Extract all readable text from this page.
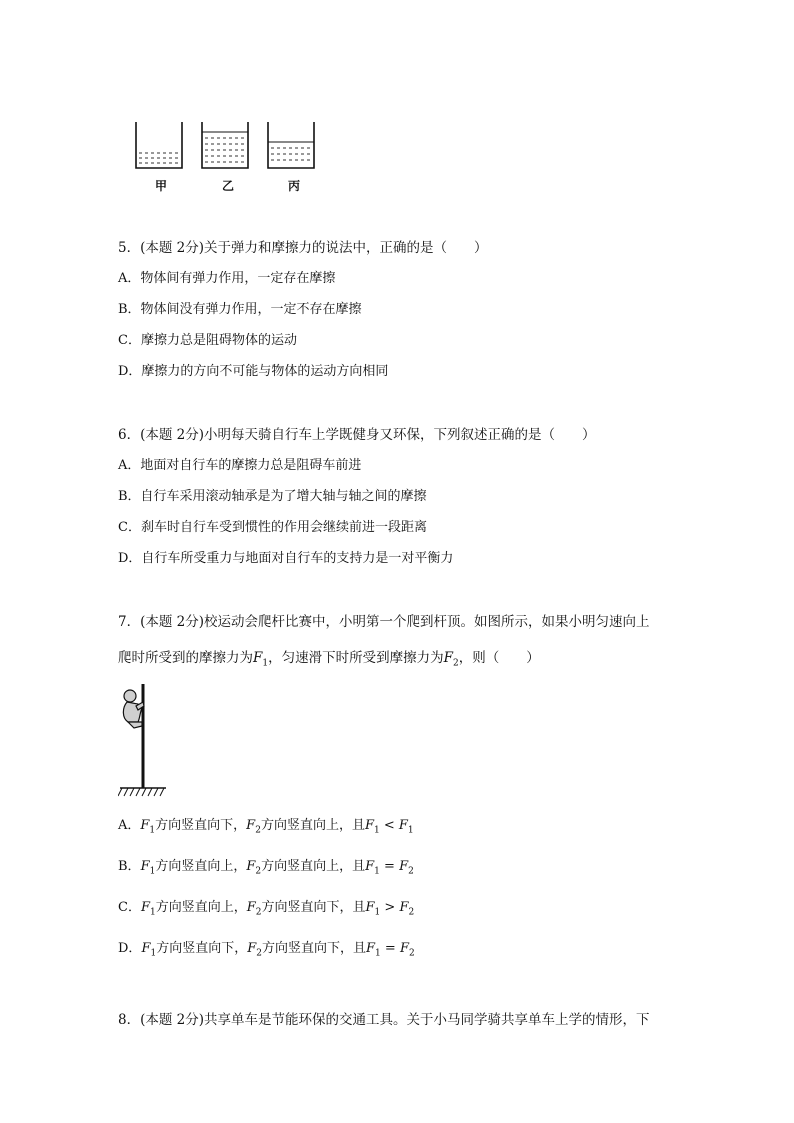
甲	乙	丙
5．(本题 2分)关于弹力和摩擦力的说法中，正确的是（　　）
A．物体间有弹力作用，一定存在摩擦
B．物体间没有弹力作用，一定不存在摩擦
C．摩擦力总是阻碍物体的运动
D．摩擦力的方向不可能与物体的运动方向相同
6．(本题 2分)小明每天骑自行车上学既健身又环保，下列叙述正确的是（　　）
A．地面对自行车的摩擦力总是阻碍车前进
B．自行车采用滚动轴承是为了增大轴与轴之间的摩擦
C．刹车时自行车受到惯性的作用会继续前进一段距离
D．自行车所受重力与地面对自行车的支持力是一对平衡力
7．(本题 2分)校运动会爬杆比赛中，小明第一个爬到杆顶。如图所示，如果小明匀速向上
爬时所受到的摩擦力为$F_1$，匀速滑下时所受到摩擦力为$F_2$，则（　　）
A．$F_1$方向竖直向下，$F_2$方向竖直向上，且$F_1 < F_1$
B．$F_1$方向竖直向上，$F_2$方向竖直向上，且$F_1 = F_2$
C．$F_1$方向竖直向上，$F_2$方向竖直向下，且$F_1 > F_2$
D．$F_1$方向竖直向下，$F_2$方向竖直向下，且$F_1 = F_2$
8．(本题 2分)共享单车是节能环保的交通工具。关于小马同学骑共享单车上学的情形，下
